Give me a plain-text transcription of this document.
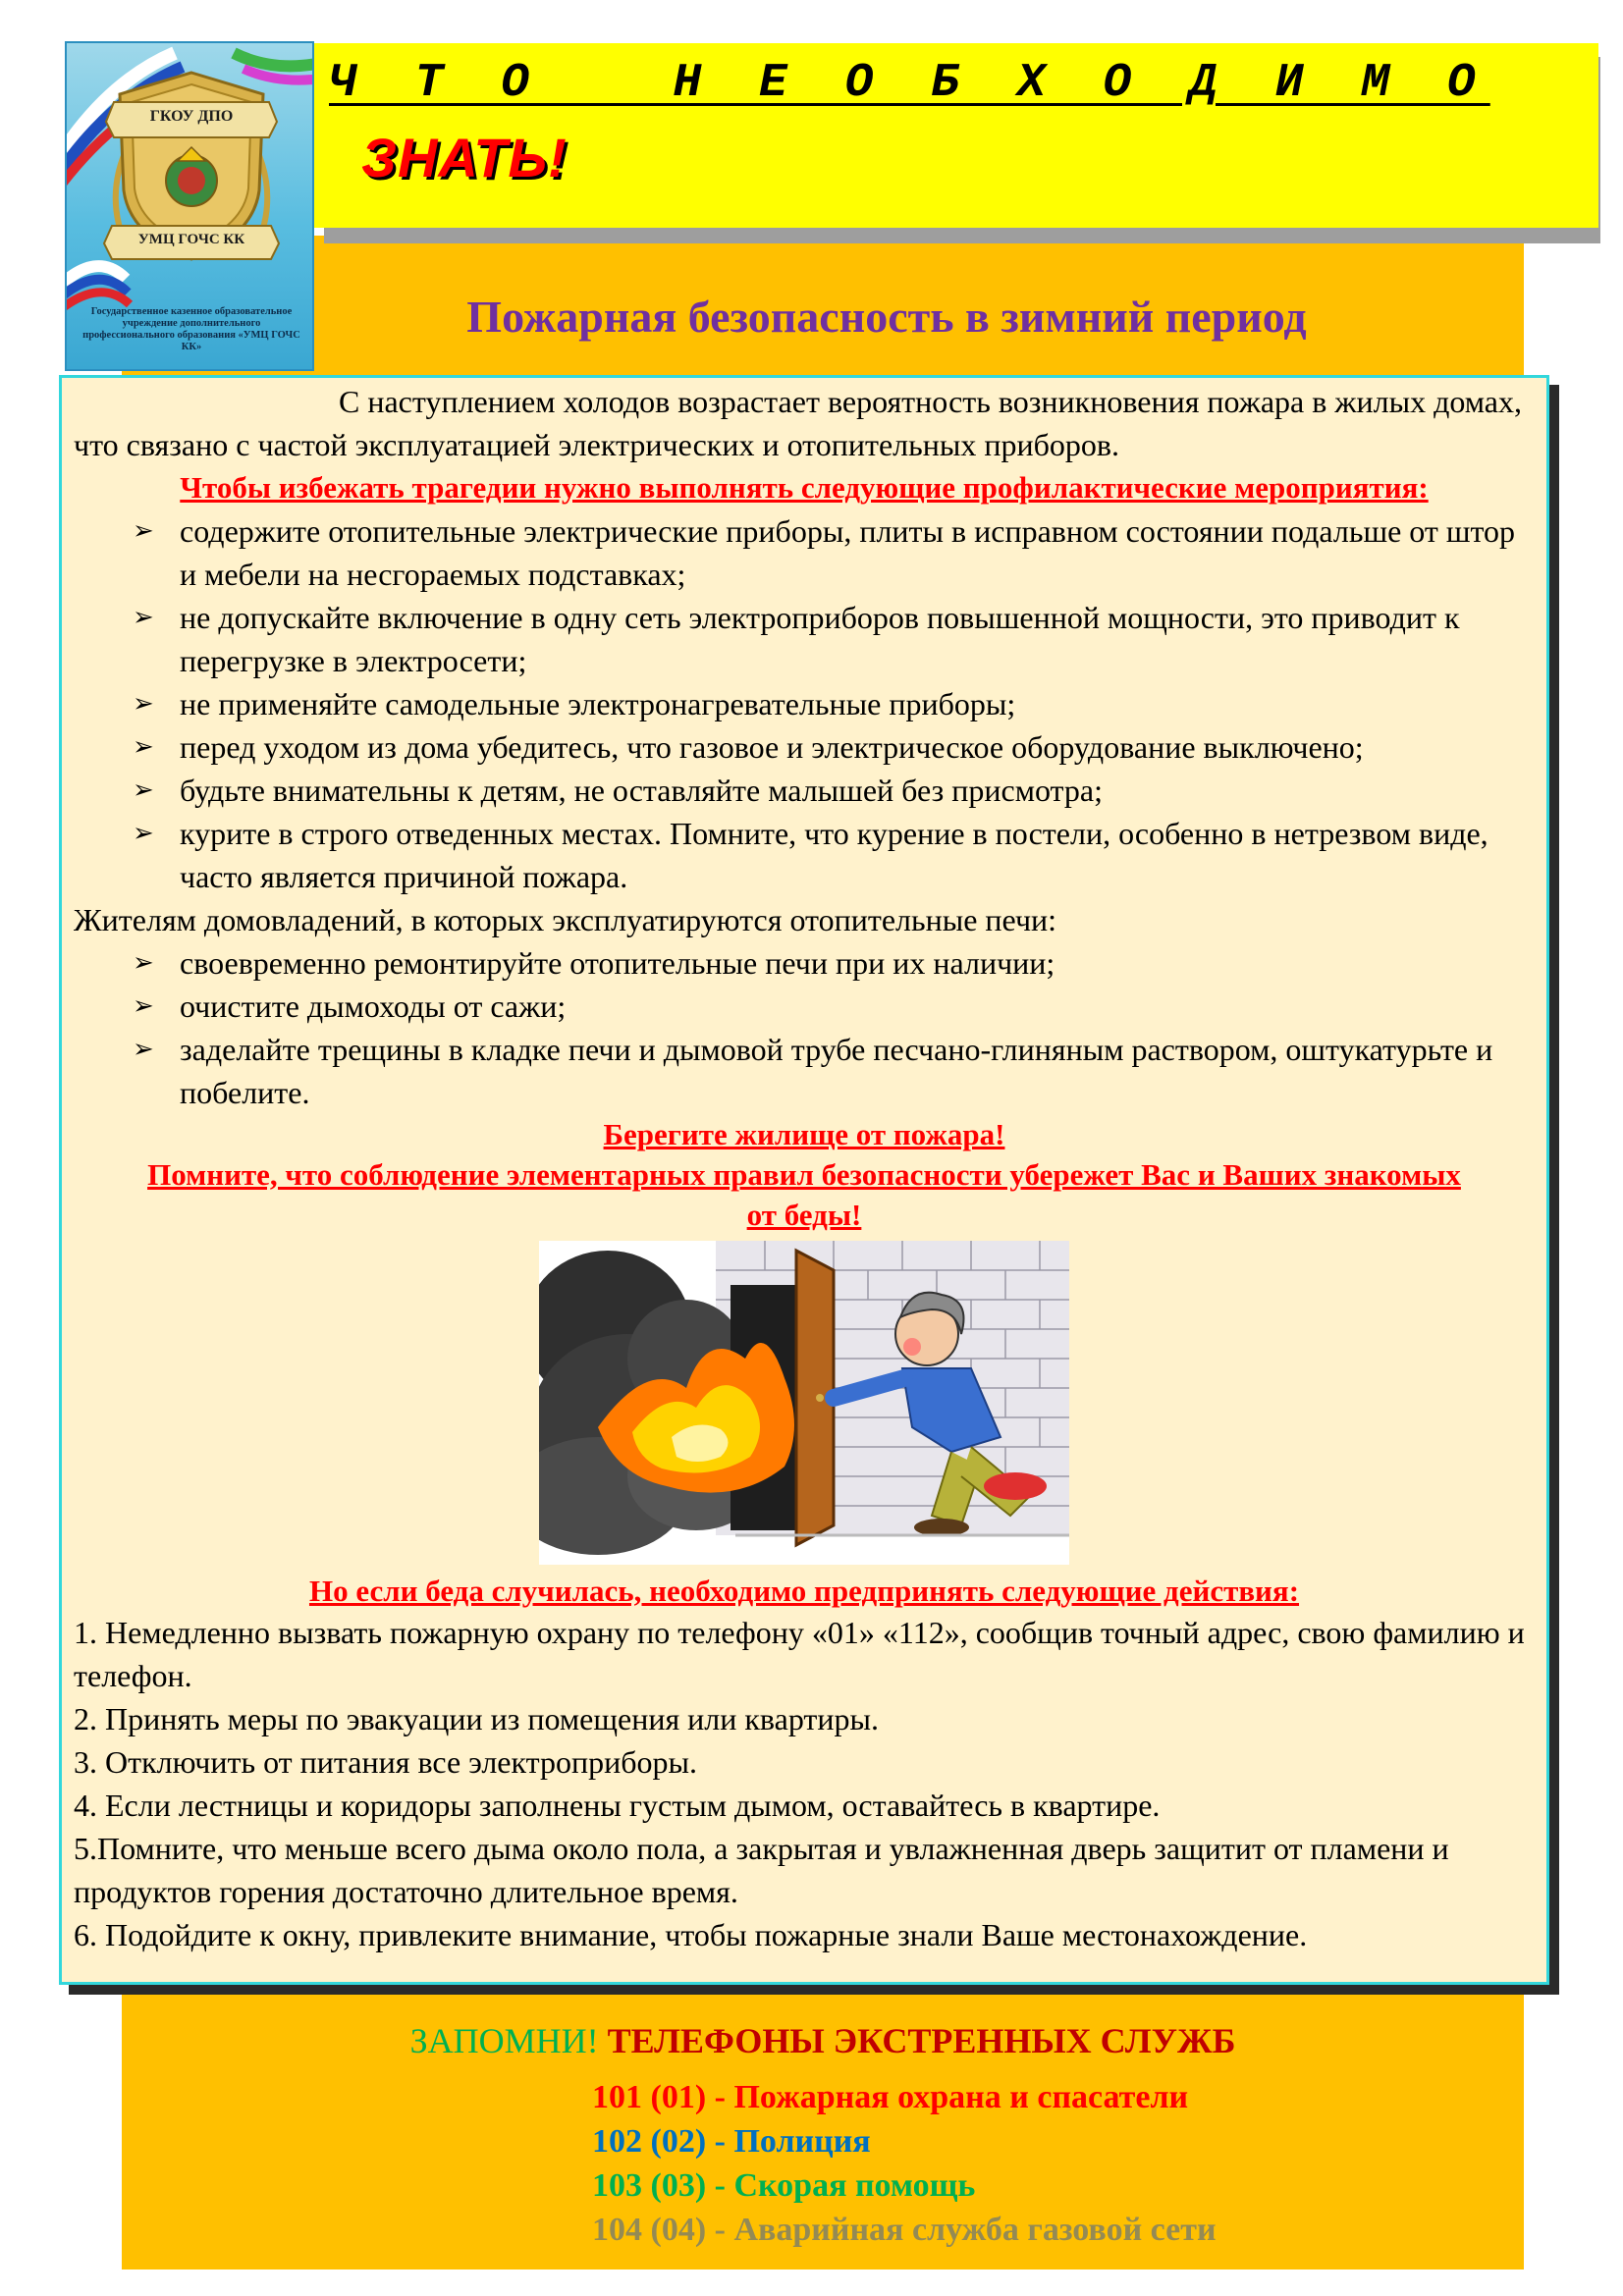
Ч Т О   Н Е О Б Х О Д И М О
ЗНАТЬ!
ГКОУ ДПО
УМЦ ГОЧС КК
Государственное казенное образовательное учреждение дополнительного профессионального образования «УМЦ ГОЧС КК»
Пожарная безопасность в зимний период
С наступлением холодов возрастает вероятность возникновения пожара в жилых домах, что связано с частой эксплуатацией электрических и отопительных приборов.
Чтобы избежать трагедии нужно выполнять следующие профилактические мероприятия:
➢ содержите отопительные электрические приборы, плиты в исправном состоянии подальше от штор и мебели на несгораемых подставках;
➢ не допускайте включение в одну сеть электроприборов повышенной мощности, это приводит к перегрузке в электросети;
➢ не применяйте самодельные электронагревательные приборы;
➢ перед уходом из дома убедитесь, что газовое и электрическое оборудование выключено;
➢ будьте внимательны к детям, не оставляйте малышей без присмотра;
➢ курите в строго отведенных местах. Помните, что курение в постели, особенно в нетрезвом виде, часто является причиной пожара.
Жителям домовладений, в которых эксплуатируются отопительные печи:
➢ своевременно ремонтируйте отопительные печи при их наличии;
➢ очистите дымоходы от сажи;
➢ заделайте трещины в кладке печи и дымовой трубе песчано-глиняным раствором, оштукатурьте и побелите.
Берегите жилище от пожара!
Помните, что соблюдение элементарных правил безопасности убережет Вас и Ваших знакомых от беды!
Но если беда случилась, необходимо предпринять следующие действия:
1. Немедленно вызвать пожарную охрану по телефону «01» «112», сообщив точный адрес, свою фамилию и телефон.
2. Принять меры по эвакуации из помещения или квартиры.
3. Отключить от питания все электроприборы.
4. Если лестницы и коридоры заполнены густым дымом, оставайтесь в квартире.
5.Помните, что меньше всего дыма около пола, а закрытая и увлажненная дверь защитит от пламени и продуктов горения достаточно длительное время.
6. Подойдите к окну, привлеките внимание, чтобы пожарные знали Ваше местонахождение.
ЗАПОМНИ! ТЕЛЕФОНЫ ЭКСТРЕННЫХ СЛУЖБ
101 (01) - Пожарная охрана и спасатели
102 (02) - Полиция
103 (03) - Скорая помощь
104 (04) - Аварийная служба газовой сети
